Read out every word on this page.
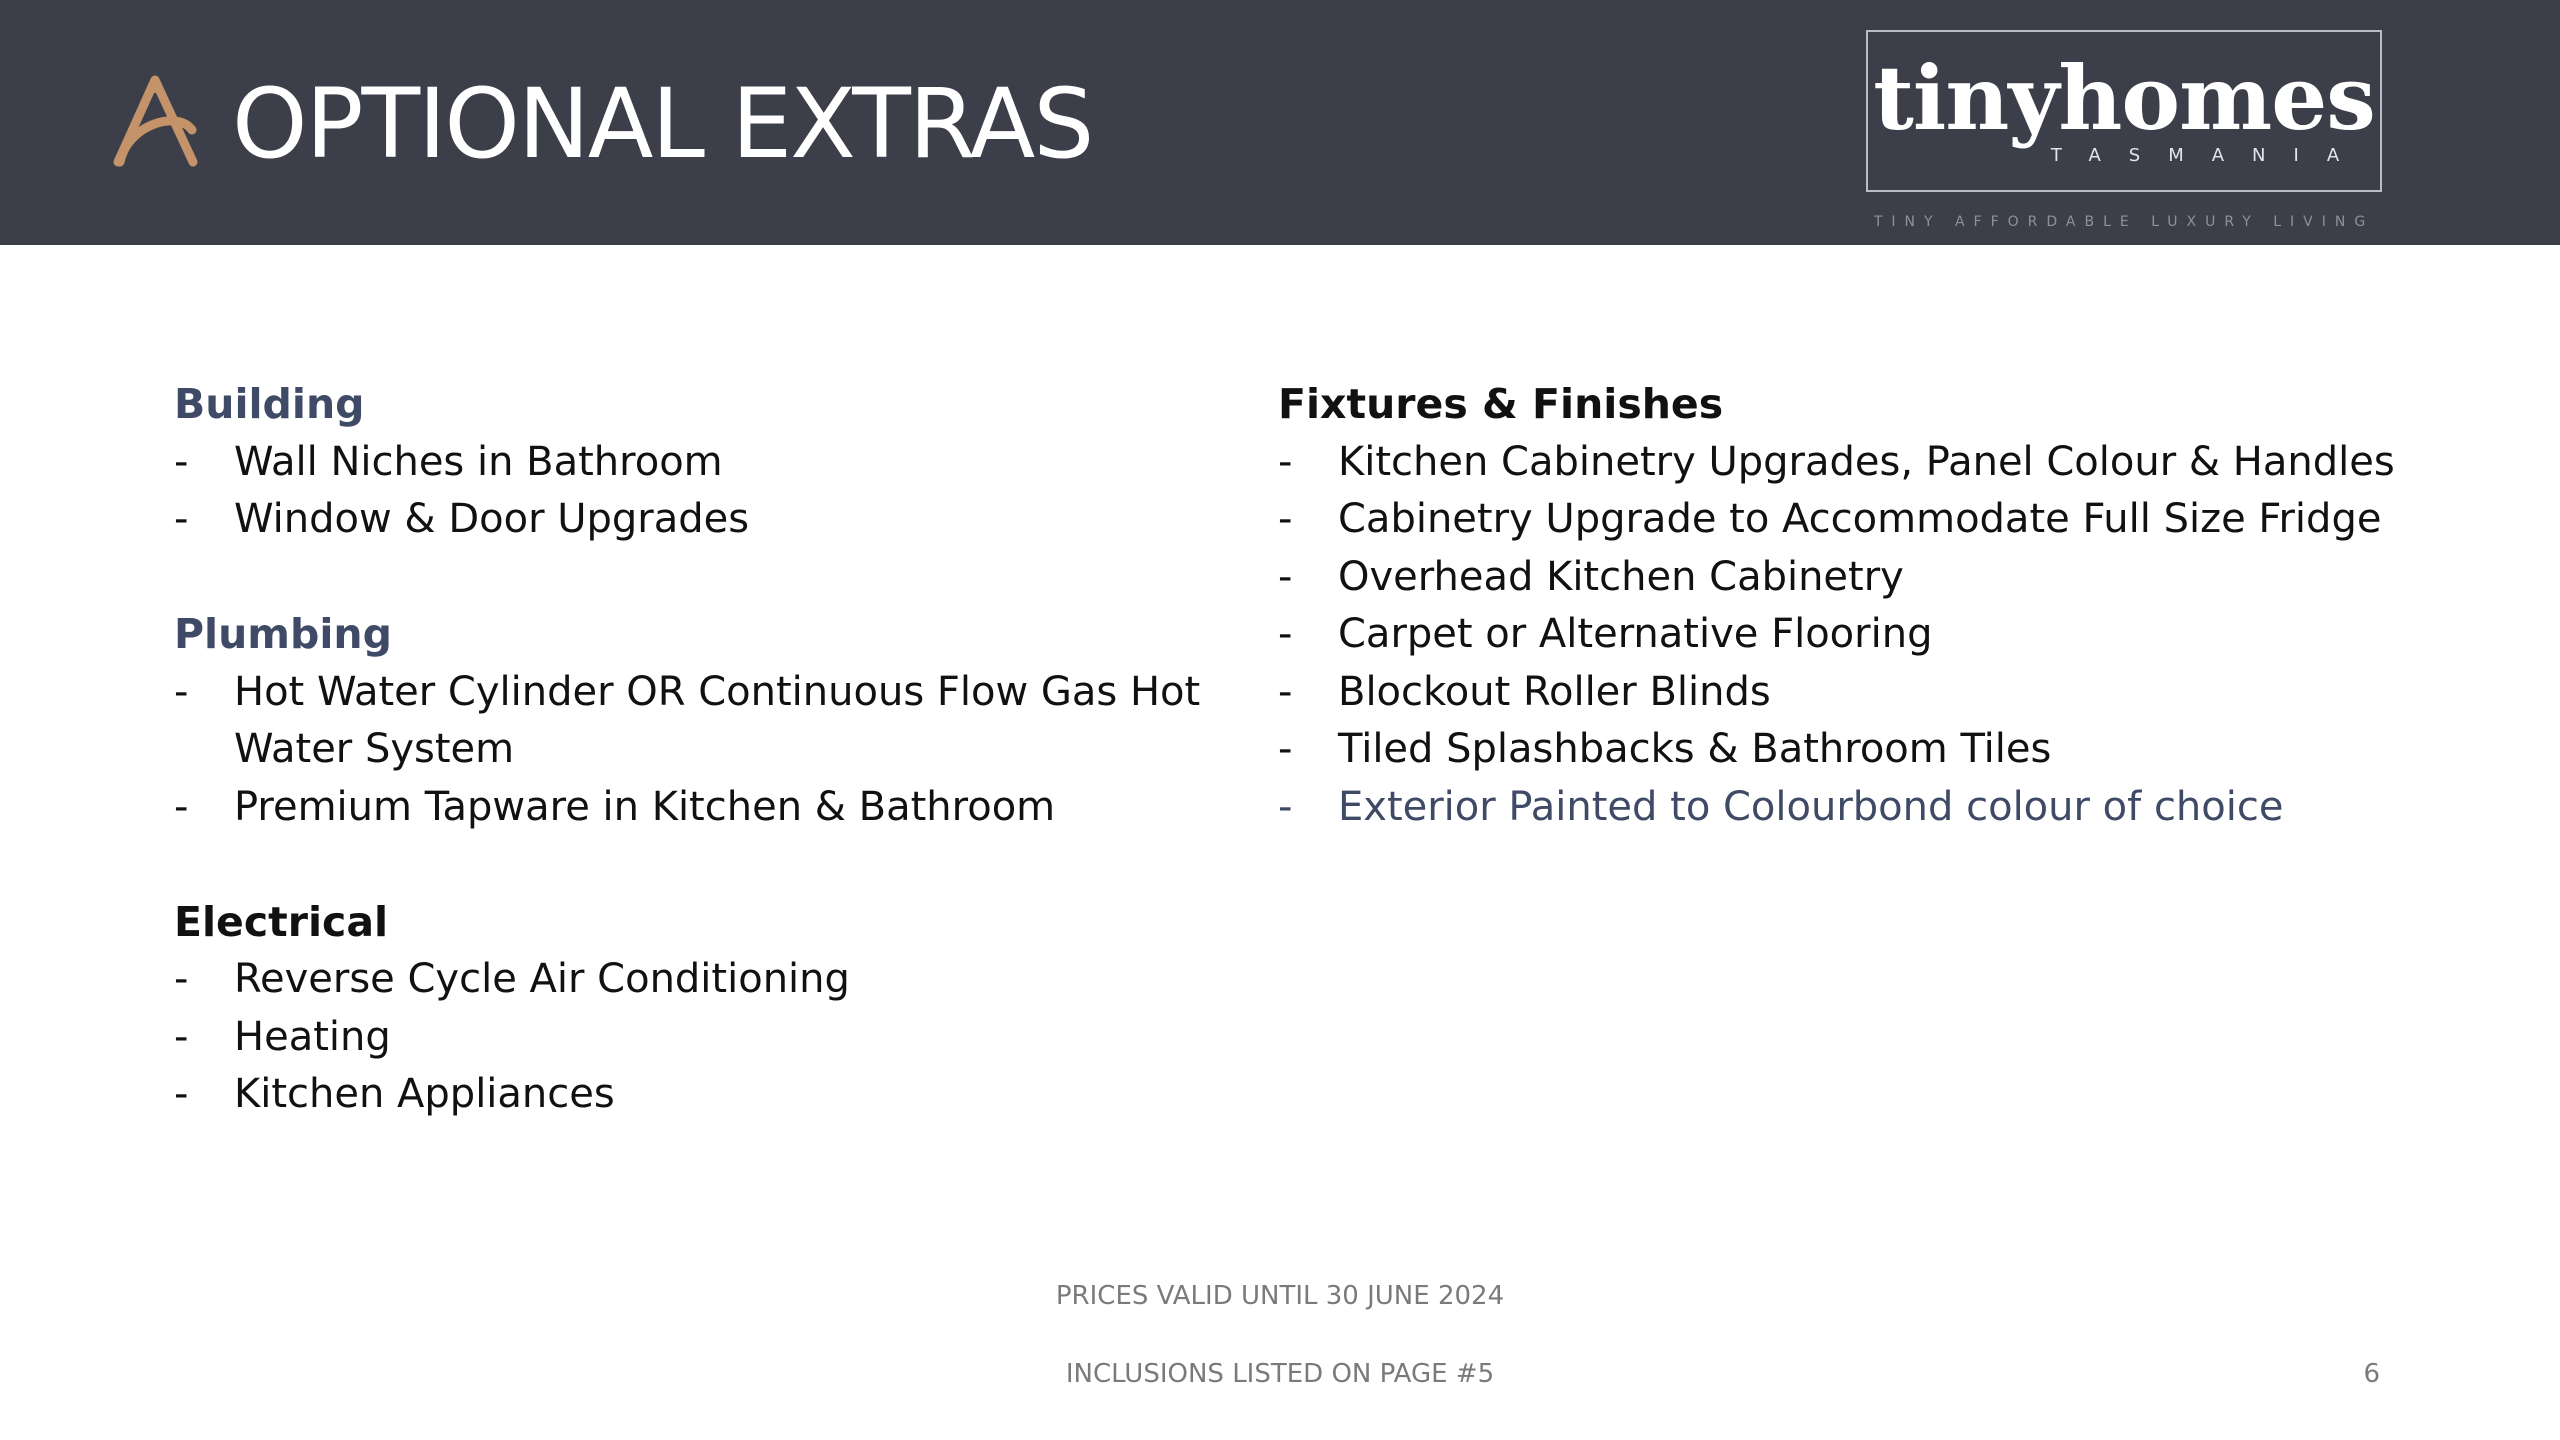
OPTIONAL EXTRAS	tinyhomes
TASMANIA
TINY AFFORDABLE LUXURY LIVING
Building
- Wall Niches in Bathroom
- Window & Door Upgrades
Plumbing
- Hot Water Cylinder OR Continuous Flow Gas Hot Water System
- Premium Tapware in Kitchen & Bathroom
Electrical
- Reverse Cycle Air Conditioning
- Heating
- Kitchen Appliances
Fixtures & Finishes
- Kitchen Cabinetry Upgrades, Panel Colour & Handles
- Cabinetry Upgrade to Accommodate Full Size Fridge
- Overhead Kitchen Cabinetry
- Carpet or Alternative Flooring
- Blockout Roller Blinds
- Tiled Splashbacks & Bathroom Tiles
- Exterior Painted to Colourbond colour of choice
PRICES VALID UNTIL 30 JUNE 2024
INCLUSIONS LISTED ON PAGE #5	6
